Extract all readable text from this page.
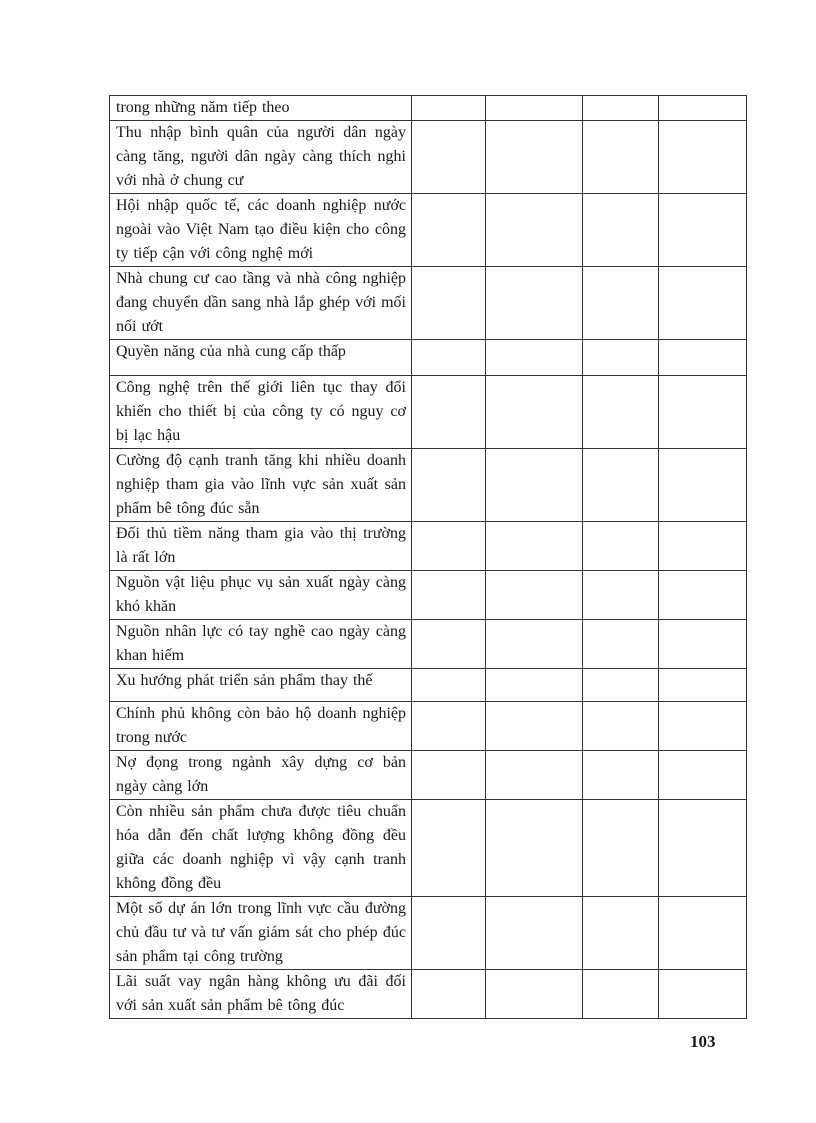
trong những năm tiếp theo				

Thu nhập bình quân của người dân ngày càng tăng, người dân ngày càng thích nghi với nhà ở chung cư				

Hội nhập quốc tế, các doanh nghiệp nước ngoài vào Việt Nam tạo điều kiện cho công ty tiếp cận với công nghệ mới				

Nhà chung cư cao tầng và nhà công nghiệp đang chuyển dần sang nhà lắp ghép với mối nối ướt				

Quyền năng của nhà cung cấp thấp				

Công nghệ trên thế giới liên tục thay đổi khiến cho thiết bị của công ty có nguy cơ bị lạc hậu				

Cường độ cạnh tranh tăng khi nhiều doanh nghiệp tham gia vào lĩnh vực sản xuất sản phẩm bê tông đúc sẵn				

Đối thủ tiềm năng tham gia vào thị trường là rất lớn				

Nguồn vật liệu phục vụ sản xuất ngày càng khó khăn				

Nguồn nhân lực có tay nghề cao ngày càng khan hiếm				

Xu hướng phát triển sản phẩm thay thế				

Chính phủ không còn bảo hộ doanh nghiệp trong nước				

Nợ đọng trong ngành xây dựng cơ bản ngày càng lớn				

Còn nhiều sản phẩm chưa được tiêu chuẩn hóa dẫn đến chất lượng không đồng đều giữa các doanh nghiệp vì vậy cạnh tranh không đồng đều				

Một số dự án lớn trong lĩnh vực cầu đường chủ đầu tư và tư vấn giám sát cho phép đúc sản phẩm tại công trường				

Lãi suất vay ngân hàng không ưu đãi đối với sản xuất sản phẩm bê tông đúc				

103
